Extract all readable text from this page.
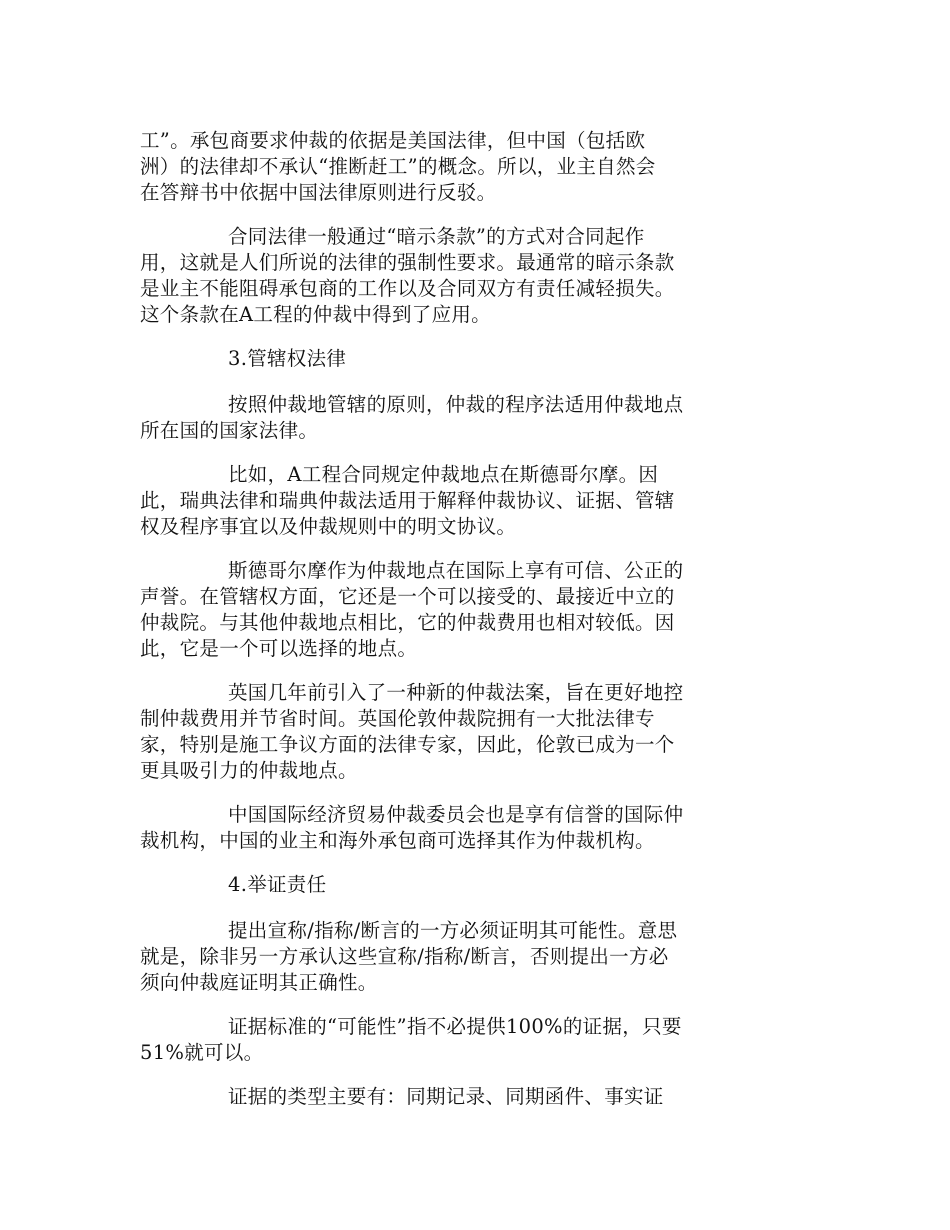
工”。承包商要求仲裁的依据是美国法律，但中国（包括欧
洲）的法律却不承认“推断赶工”的概念。所以，业主自然会
在答辩书中依据中国法律原则进行反驳。

合同法律一般通过“暗示条款”的方式对合同起作
用，这就是人们所说的法律的强制性要求。最通常的暗示条款
是业主不能阻碍承包商的工作以及合同双方有责任减轻损失。
这个条款在A工程的仲裁中得到了应用。

3.管辖权法律

按照仲裁地管辖的原则，仲裁的程序法适用仲裁地点
所在国的国家法律。

比如，A工程合同规定仲裁地点在斯德哥尔摩。因
此，瑞典法律和瑞典仲裁法适用于解释仲裁协议、证据、管辖
权及程序事宜以及仲裁规则中的明文协议。

斯德哥尔摩作为仲裁地点在国际上享有可信、公正的
声誉。在管辖权方面，它还是一个可以接受的、最接近中立的
仲裁院。与其他仲裁地点相比，它的仲裁费用也相对较低。因
此，它是一个可以选择的地点。

英国几年前引入了一种新的仲裁法案，旨在更好地控
制仲裁费用并节省时间。英国伦敦仲裁院拥有一大批法律专
家，特别是施工争议方面的法律专家，因此，伦敦已成为一个
更具吸引力的仲裁地点。

中国国际经济贸易仲裁委员会也是享有信誉的国际仲
裁机构，中国的业主和海外承包商可选择其作为仲裁机构。

4.举证责任

提出宣称/指称/断言的一方必须证明其可能性。意思
就是，除非另一方承认这些宣称/指称/断言，否则提出一方必
须向仲裁庭证明其正确性。

证据标准的“可能性”指不必提供100%的证据，只要
51%就可以。

证据的类型主要有：同期记录、同期函件、事实证
